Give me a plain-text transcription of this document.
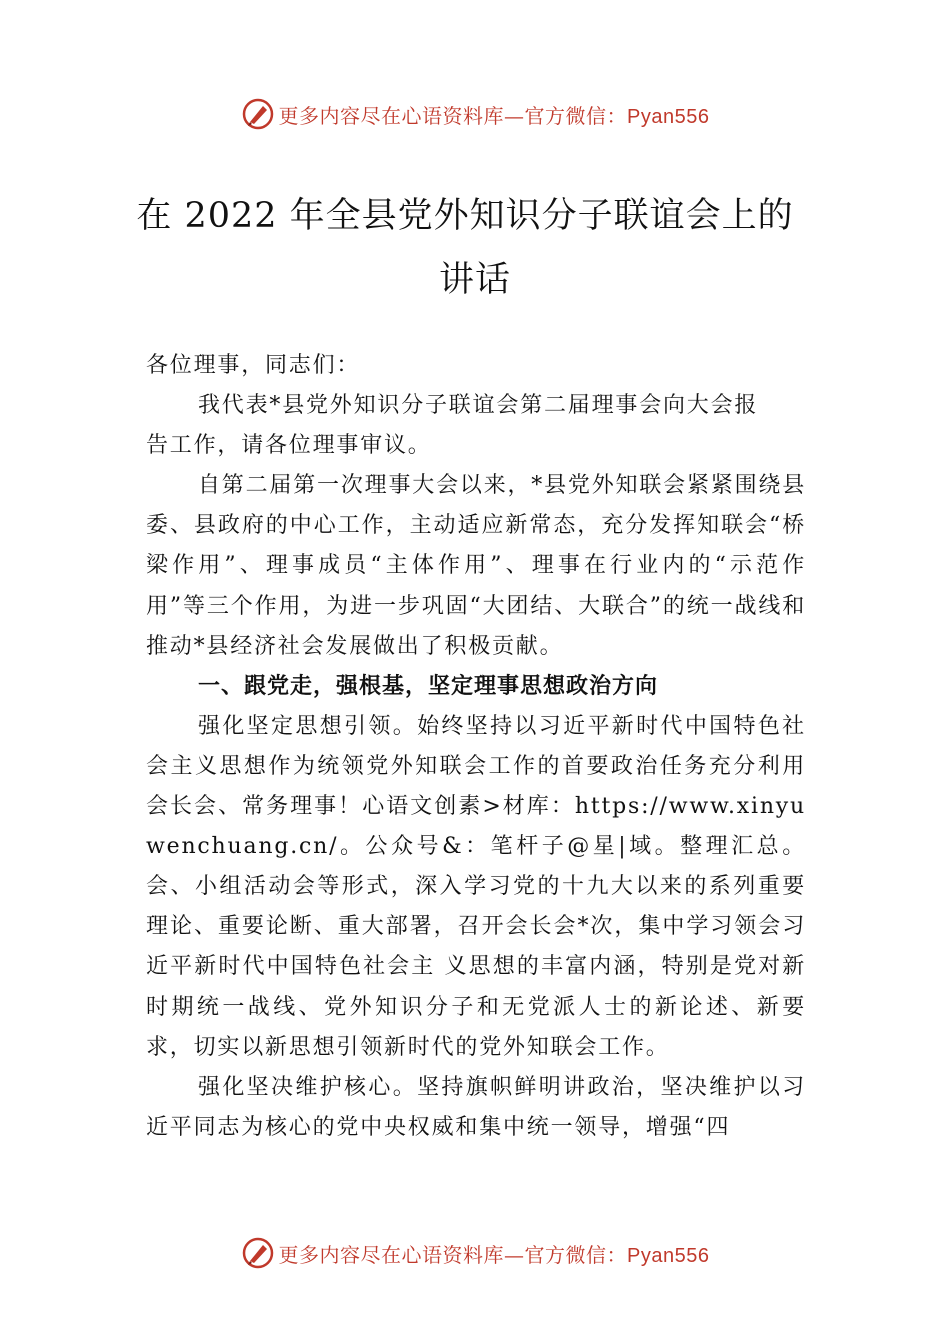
更多内容尽在心语资料库—官方微信：Pyan556
在 2022 年全县党外知识分子联谊会上的
讲话

各位理事，同志们：

我代表*县党外知识分子联谊会第二届理事会向大会报

告工作，请各位理事审议。

自第二届第一次理事大会以来，*县党外知联会紧紧围绕县委、县政府的中心工作，主动适应新常态，充分发挥知联会“桥梁作用”、理事成员“主体作用”、理事在行业内的“示范作用”等三个作用，为进一步巩固“大团结、大联合”的统一战线和推动*县经济社会发展做出了积极贡献。

一、跟党走，强根基，坚定理事思想政治方向

强化坚定思想引领。始终坚持以习近平新时代中国特色社会主义思想作为统领党外知联会工作的首要政治任务充分利用会长会、常务理事！心语文创素>材库：https://www.xinyuwenchuang.cn/。公众号&：笔杆子@星|域。整理汇总。会、小组活动会等形式，深入学习党的十九大以来的系列重要理论、重要论断、重大部署，召开会长会*次，集中学习领会习近平新时代中国特色社会主 义思想的丰富内涵，特别是党对新时期统一战线、党外知识分子和无党派人士的新论述、新要求，切实以新思想引领新时代的党外知联会工作。

强化坚决维护核心。坚持旗帜鲜明讲政治，坚决维护以习近平同志为核心的党中央权威和集中统一领导，增强“四

更多内容尽在心语资料库—官方微信：Pyan556
